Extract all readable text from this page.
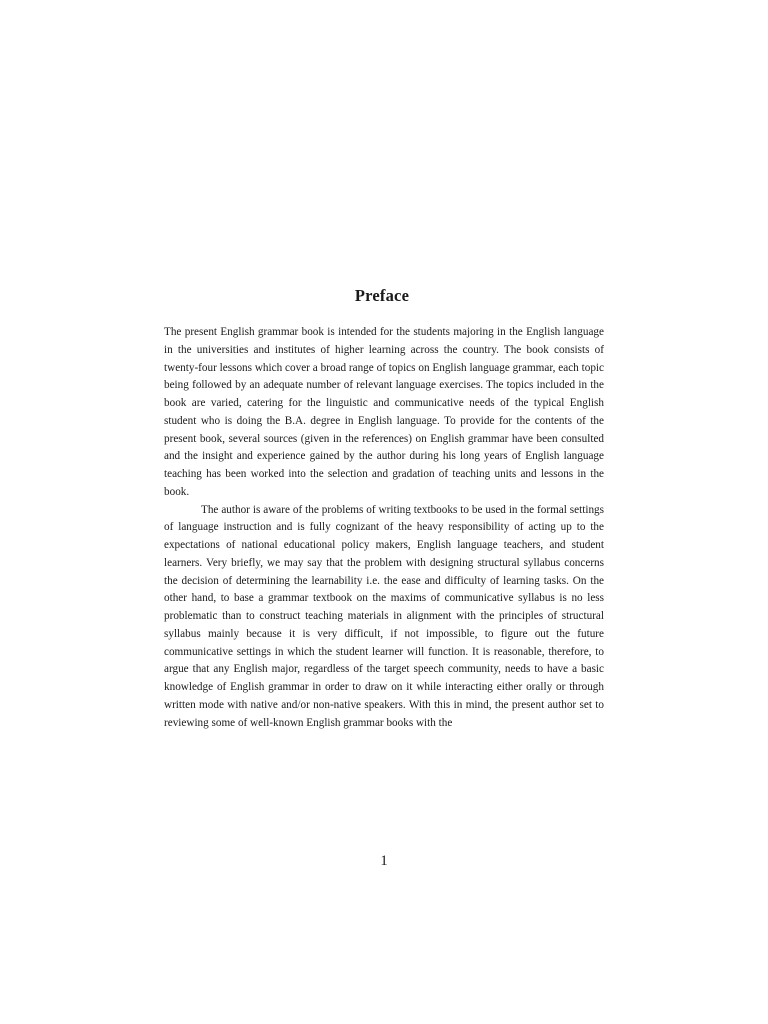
Preface

The present English grammar book is intended for the students majoring in the English language in the universities and institutes of higher learning across the country. The book consists of twenty-four lessons which cover a broad range of topics on English language grammar, each topic being followed by an adequate number of relevant language exercises. The topics included in the book are varied, catering for the linguistic and communicative needs of the typical English student who is doing the B.A. degree in English language. To provide for the contents of the present book, several sources (given in the references) on English grammar have been consulted and the insight and experience gained by the author during his long years of English language teaching has been worked into the selection and gradation of teaching units and lessons in the book.

The author is aware of the problems of writing textbooks to be used in the formal settings of language instruction and is fully cognizant of the heavy responsibility of acting up to the expectations of national educational policy makers, English language teachers, and student learners. Very briefly, we may say that the problem with designing structural syllabus concerns the decision of determining the learnability i.e. the ease and difficulty of learning tasks. On the other hand, to base a grammar textbook on the maxims of communicative syllabus is no less problematic than to construct teaching materials in alignment with the principles of structural syllabus mainly because it is very difficult, if not impossible, to figure out the future communicative settings in which the student learner will function. It is reasonable, therefore, to argue that any English major, regardless of the target speech community, needs to have a basic knowledge of English grammar in order to draw on it while interacting either orally or through written mode with native and/or non-native speakers. With this in mind, the present author set to reviewing some of well-known English grammar books with the

1
